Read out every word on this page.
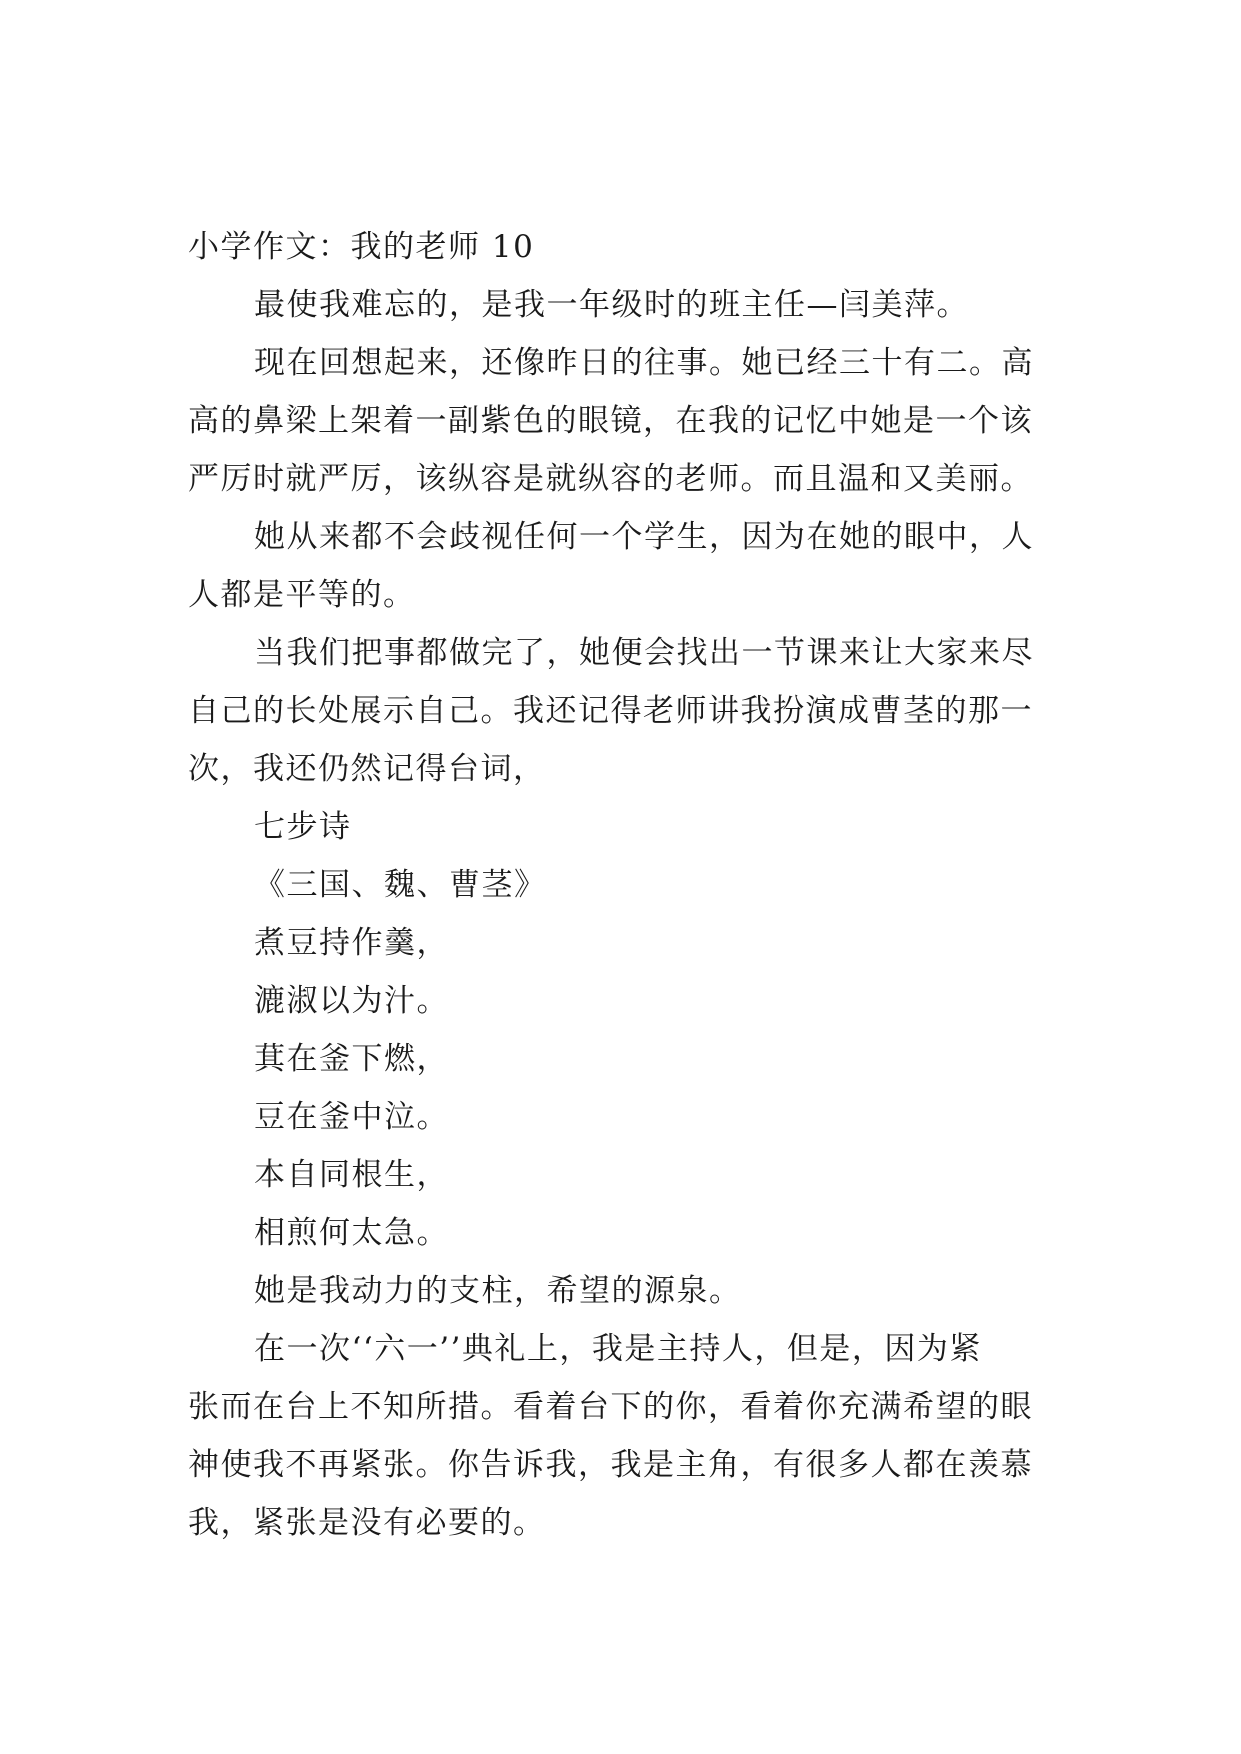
小学作文：我的老师 10
最使我难忘的，是我一年级时的班主任—闫美萍。
现在回想起来，还像昨日的往事。她已经三十有二。高
高的鼻梁上架着一副紫色的眼镜，在我的记忆中她是一个该
严厉时就严厉，该纵容是就纵容的老师。而且温和又美丽。
她从来都不会歧视任何一个学生，因为在她的眼中，人
人都是平等的。
当我们把事都做完了，她便会找出一节课来让大家来尽
自己的长处展示自己。我还记得老师讲我扮演成曹茎的那一
次，我还仍然记得台词，
七步诗
《三国、魏、曹茎》
煮豆持作羹，
漉淑以为汁。
萁在釜下燃，
豆在釜中泣。
本自同根生，
相煎何太急。
她是我动力的支柱，希望的源泉。
在一次‘‘六一’’典礼上，我是主持人，但是，因为紧
张而在台上不知所措。看着台下的你，看着你充满希望的眼
神使我不再紧张。你告诉我，我是主角，有很多人都在羡慕
我，紧张是没有必要的。
